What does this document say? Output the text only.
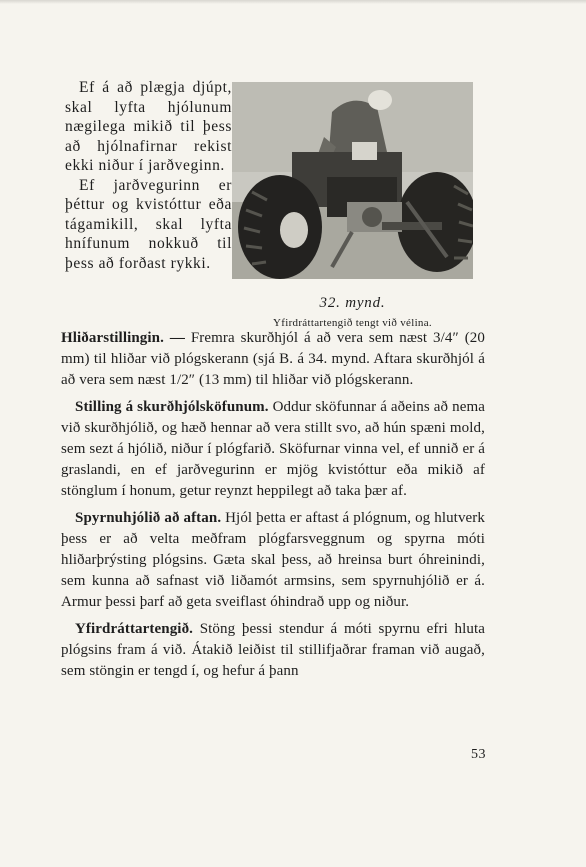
Ef á að plægja djúpt, skal lyfta hjólunum nægilega mikið til þess að hjólnafirnar rekist ekki niður í jarðveginn.

Ef jarðvegurinn er þéttur og kvistóttur eða tágamikill, skal lyfta hnífunum nokkuð til þess að forðast rykki.

32. mynd.
Yfirdráttartengið tengt við vélina.

Hliðarstillingin. — Fremra skurðhjól á að vera sem næst 3/4″ (20 mm) til hliðar við plógskerann (sjá B. á 34. mynd. Aftara skurðhjól á að vera sem næst 1/2″ (13 mm) til hliðar við plógskerann.

Stilling á skurðhjólsköfunum. Oddur sköfunnar á aðeins að nema við skurðhjólið, og hæð hennar að vera stillt svo, að hún spæni mold, sem sezt á hjólið, niður í plógfarið. Sköfurnar vinna vel, ef unnið er á graslandi, en ef jarðvegurinn er mjög kvistóttur eða mikið af stönglum í honum, getur reynzt heppilegt að taka þær af.

Spyrnuhjólið að aftan. Hjól þetta er aftast á plógnum, og hlutverk þess er að velta meðfram plógfarsveggnum og spyrna móti hliðarþrýsting plógsins. Gæta skal þess, að hreinsa burt óhreinindi, sem kunna að safnast við liðamót armsins, sem spyrnuhjólið er á. Armur þessi þarf að geta sveiflast óhindrað upp og niður.

Yfirdráttartengið. Stöng þessi stendur á móti spyrnu efri hluta plógsins fram á við. Átakið leiðist til stillifjaðrar framan við augað, sem stöngin er tengd í, og hefur á þann

53
